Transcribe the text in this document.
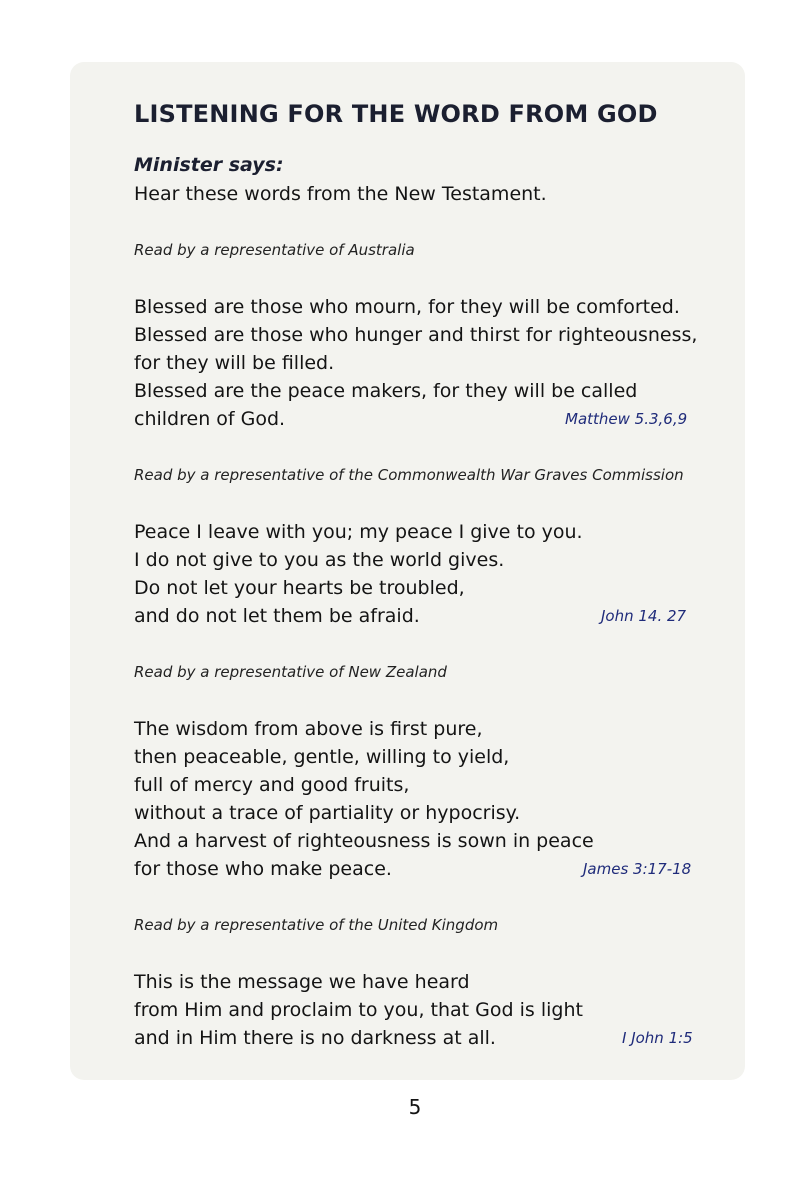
LISTENING FOR THE WORD FROM GOD
Minister says:
Hear these words from the New Testament.
Read by a representative of Australia
Blessed are those who mourn, for they will be comforted.
Blessed are those who hunger and thirst for righteousness,
for they will be filled.
Blessed are the peace makers, for they will be called
children of God.	Matthew 5.3,6,9
Read by a representative of the Commonwealth War Graves Commission
Peace I leave with you; my peace I give to you.
I do not give to you as the world gives.
Do not let your hearts be troubled,
and do not let them be afraid.	John 14. 27
Read by a representative of New Zealand
The wisdom from above is first pure,
then peaceable, gentle, willing to yield,
full of mercy and good fruits,
without a trace of partiality or hypocrisy.
And a harvest of righteousness is sown in peace
for those who make peace.	James 3:17-18
Read by a representative of the United Kingdom
This is the message we have heard
from Him and proclaim to you, that God is light
and in Him there is no darkness at all.	I John 1:5
5
